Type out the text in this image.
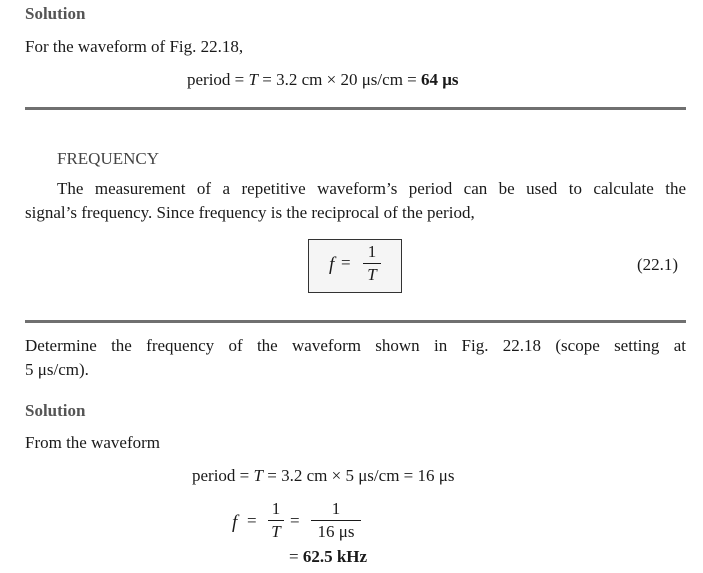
Solution
For the waveform of Fig. 22.18,
period = T = 3.2 cm × 20 μs/cm = 64 μs
FREQUENCY
The measurement of a repetitive waveform’s period can be used to calculate the
signal’s frequency. Since frequency is the reciprocal of the period,
f =
1
T
(22.1)
Determine the frequency of the waveform shown in Fig. 22.18 (scope setting at
5 μs/cm).
Solution
From the waveform
period = T = 3.2 cm × 5 μs/cm = 16 μs
f =
1
T
=
1
16 μs
= 62.5 kHz
